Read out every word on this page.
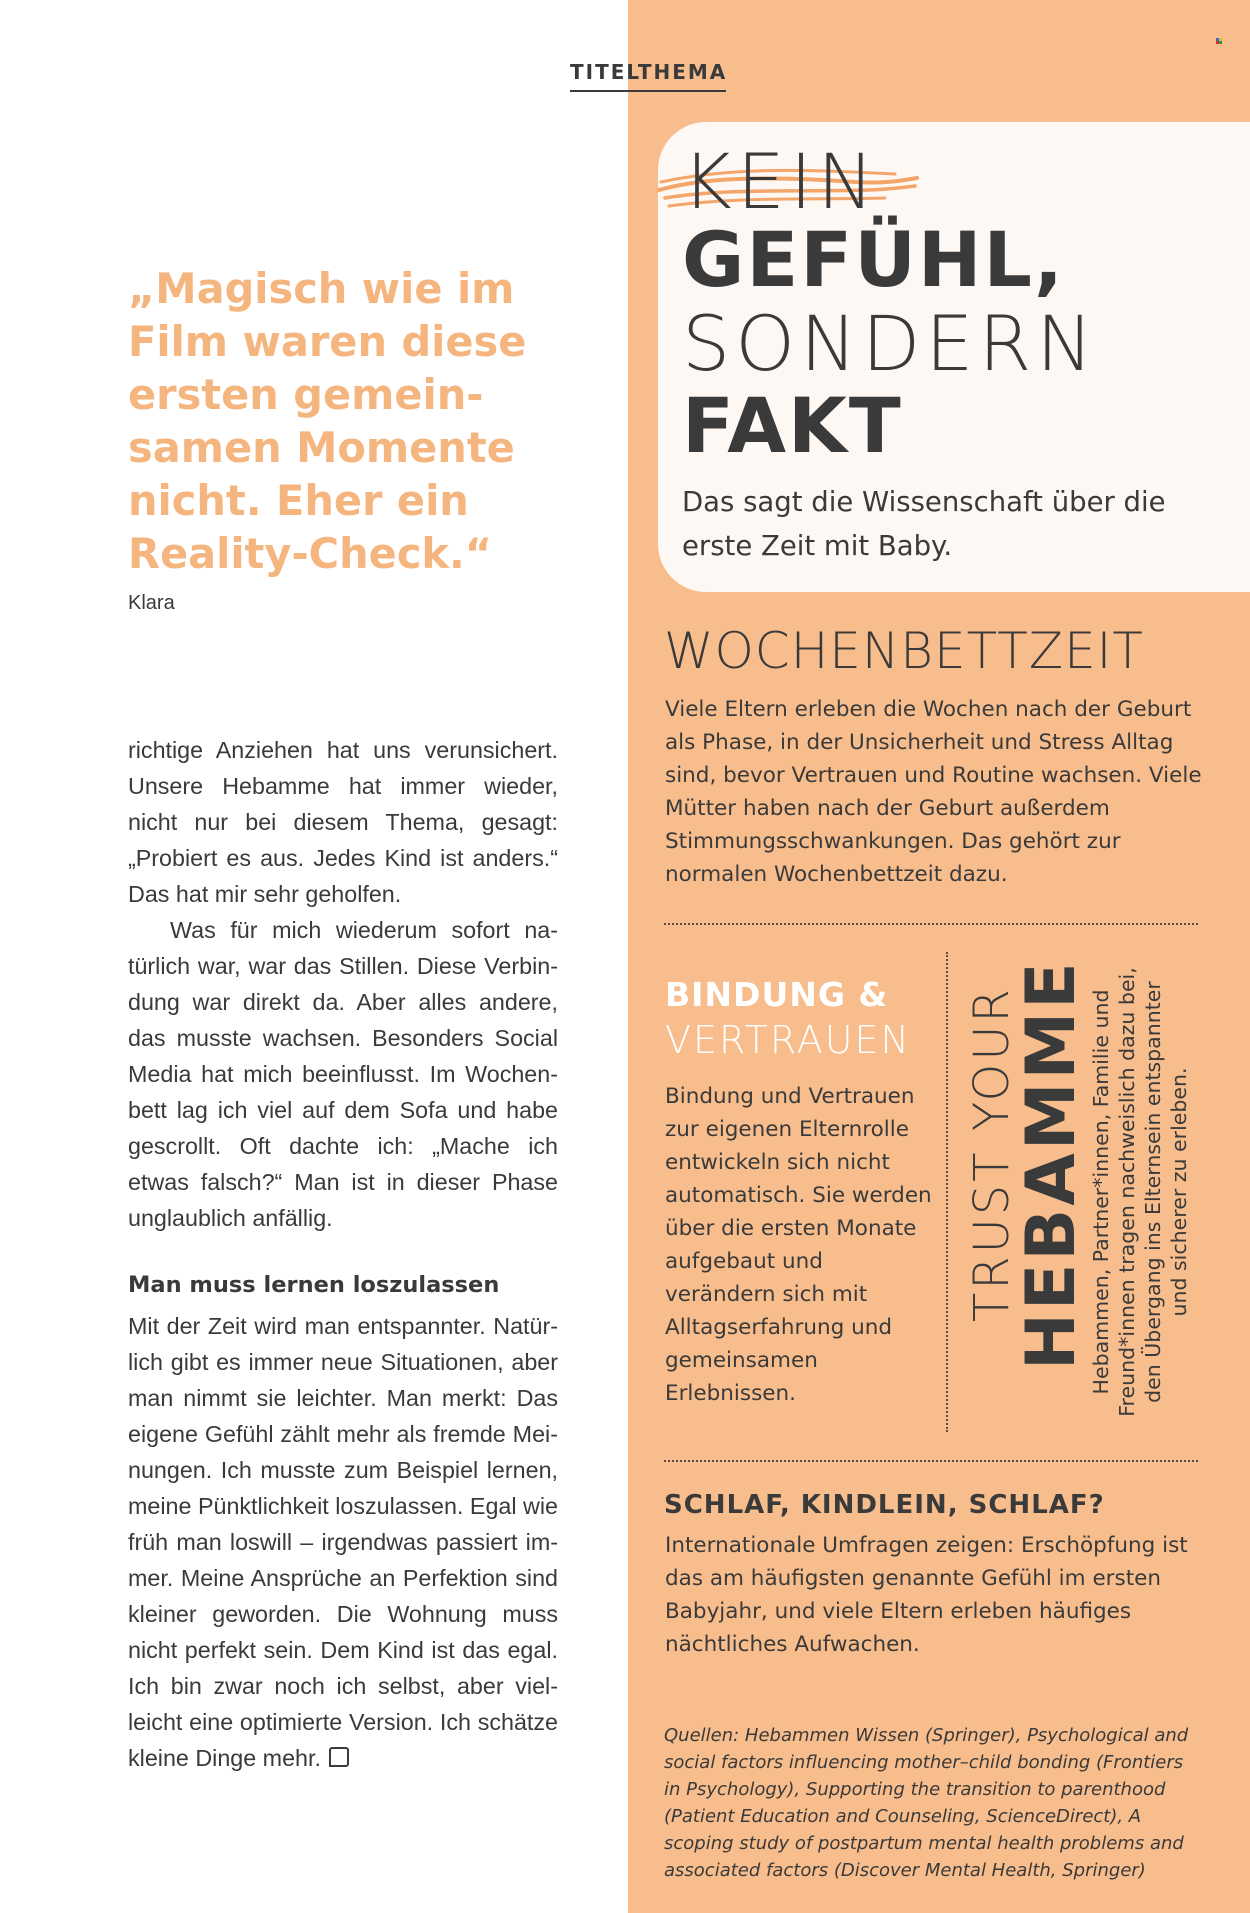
TITELTHEMA

„Magisch wie im Film waren diese ersten gemein-samen Momente nicht. Eher ein Reality-Check.“

Klara

richtige Anziehen hat uns verunsichert. Unsere Hebamme hat immer wieder, nicht nur bei diesem Thema, gesagt: „Probiert es aus. Jedes Kind ist anders.“ Das hat mir sehr geholfen.

Was für mich wiederum sofort natürlich war, war das Stillen. Diese Verbindung war direkt da. Aber alles andere, das musste wachsen. Besonders Social Media hat mich beeinflusst. Im Wochenbett lag ich viel auf dem Sofa und habe gescrollt. Oft dachte ich: „Mache ich etwas falsch?“ Man ist in dieser Phase unglaublich anfällig.

Man muss lernen loszulassen

Mit der Zeit wird man entspannter. Natürlich gibt es immer neue Situationen, aber man nimmt sie leichter. Man merkt: Das eigene Gefühl zählt mehr als fremde Meinungen. Ich musste zum Beispiel lernen, meine Pünktlichkeit loszulassen. Egal wie früh man loswill – irgendwas passiert immer. Meine Ansprüche an Perfektion sind kleiner geworden. Die Wohnung muss nicht perfekt sein. Dem Kind ist das egal. Ich bin zwar noch ich selbst, aber vielleicht eine optimierte Version. Ich schätze kleine Dinge mehr.

KEIN
GEFÜHL,
SONDERN
FAKT

Das sagt die Wissenschaft über die erste Zeit mit Baby.

WOCHENBETTZEIT

Viele Eltern erleben die Wochen nach der Geburt als Phase, in der Unsicherheit und Stress Alltag sind, bevor Vertrauen und Routine wachsen. Viele Mütter haben nach der Geburt außerdem Stimmungsschwankungen. Das gehört zur normalen Wochenbettzeit dazu.

BINDUNG &
VERTRAUEN

Bindung und Vertrauen zur eigenen Elternrolle entwickeln sich nicht automatisch. Sie werden über die ersten Monate aufgebaut und verändern sich mit Alltagserfahrung und gemeinsamen Erlebnissen.

TRUST YOUR
HEBAMME
Hebammen, Partner*innen, Familie und Freund*innen tragen nachweislich dazu bei, den Übergang ins Elternsein entspannter und sicherer zu erleben.
SCHLAF, KINDLEIN, SCHLAF?

Internationale Umfragen zeigen: Erschöpfung ist das am häufigsten genannte Gefühl im ersten Babyjahr, und viele Eltern erleben häufiges nächtliches Aufwachen.

Quellen: Hebammen Wissen (Springer), Psychological and social factors influencing mother–child bonding (Frontiers in Psychology), Supporting the transition to parenthood (Patient Education and Counseling, ScienceDirect), A scoping study of postpartum mental health problems and associated factors (Discover Mental Health, Springer)
